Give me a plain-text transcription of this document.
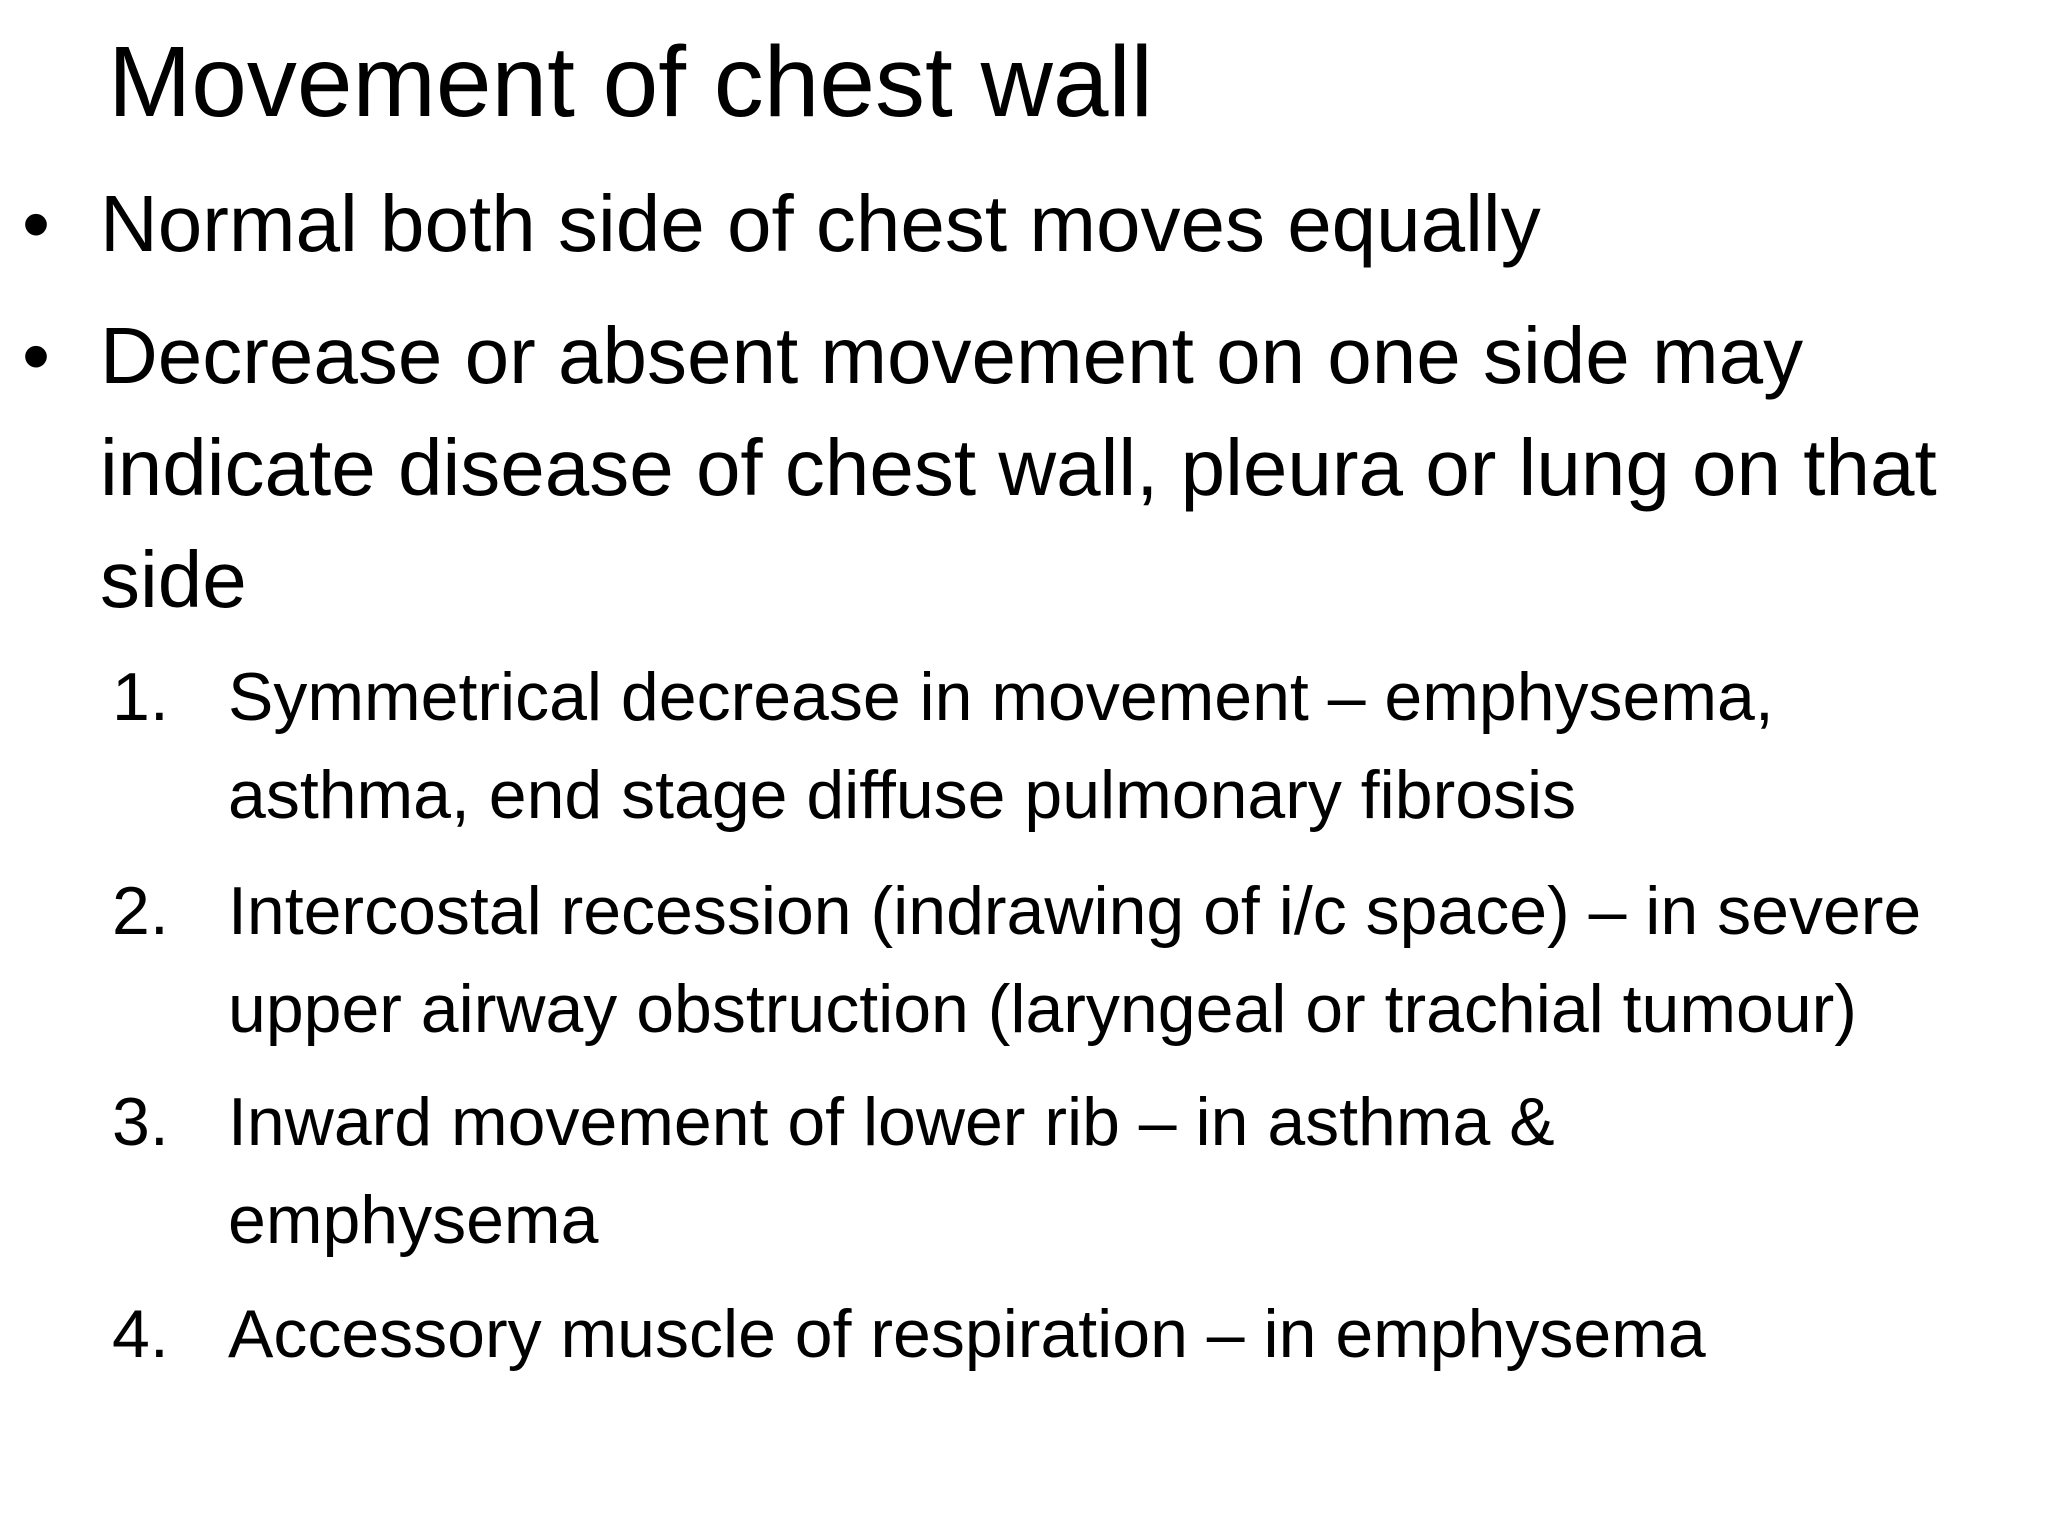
Movement of chest wall
• Normal both side of chest moves equally
• Decrease or absent movement on one side may
indicate disease of chest wall, pleura or lung on that
side
1. Symmetrical decrease in movement – emphysema,
asthma, end stage diffuse pulmonary fibrosis
2. Intercostal recession (indrawing of i/c space) – in severe
upper airway obstruction (laryngeal or trachial tumour)
3. Inward movement of lower rib – in asthma &
emphysema
4. Accessory muscle of respiration – in emphysema
